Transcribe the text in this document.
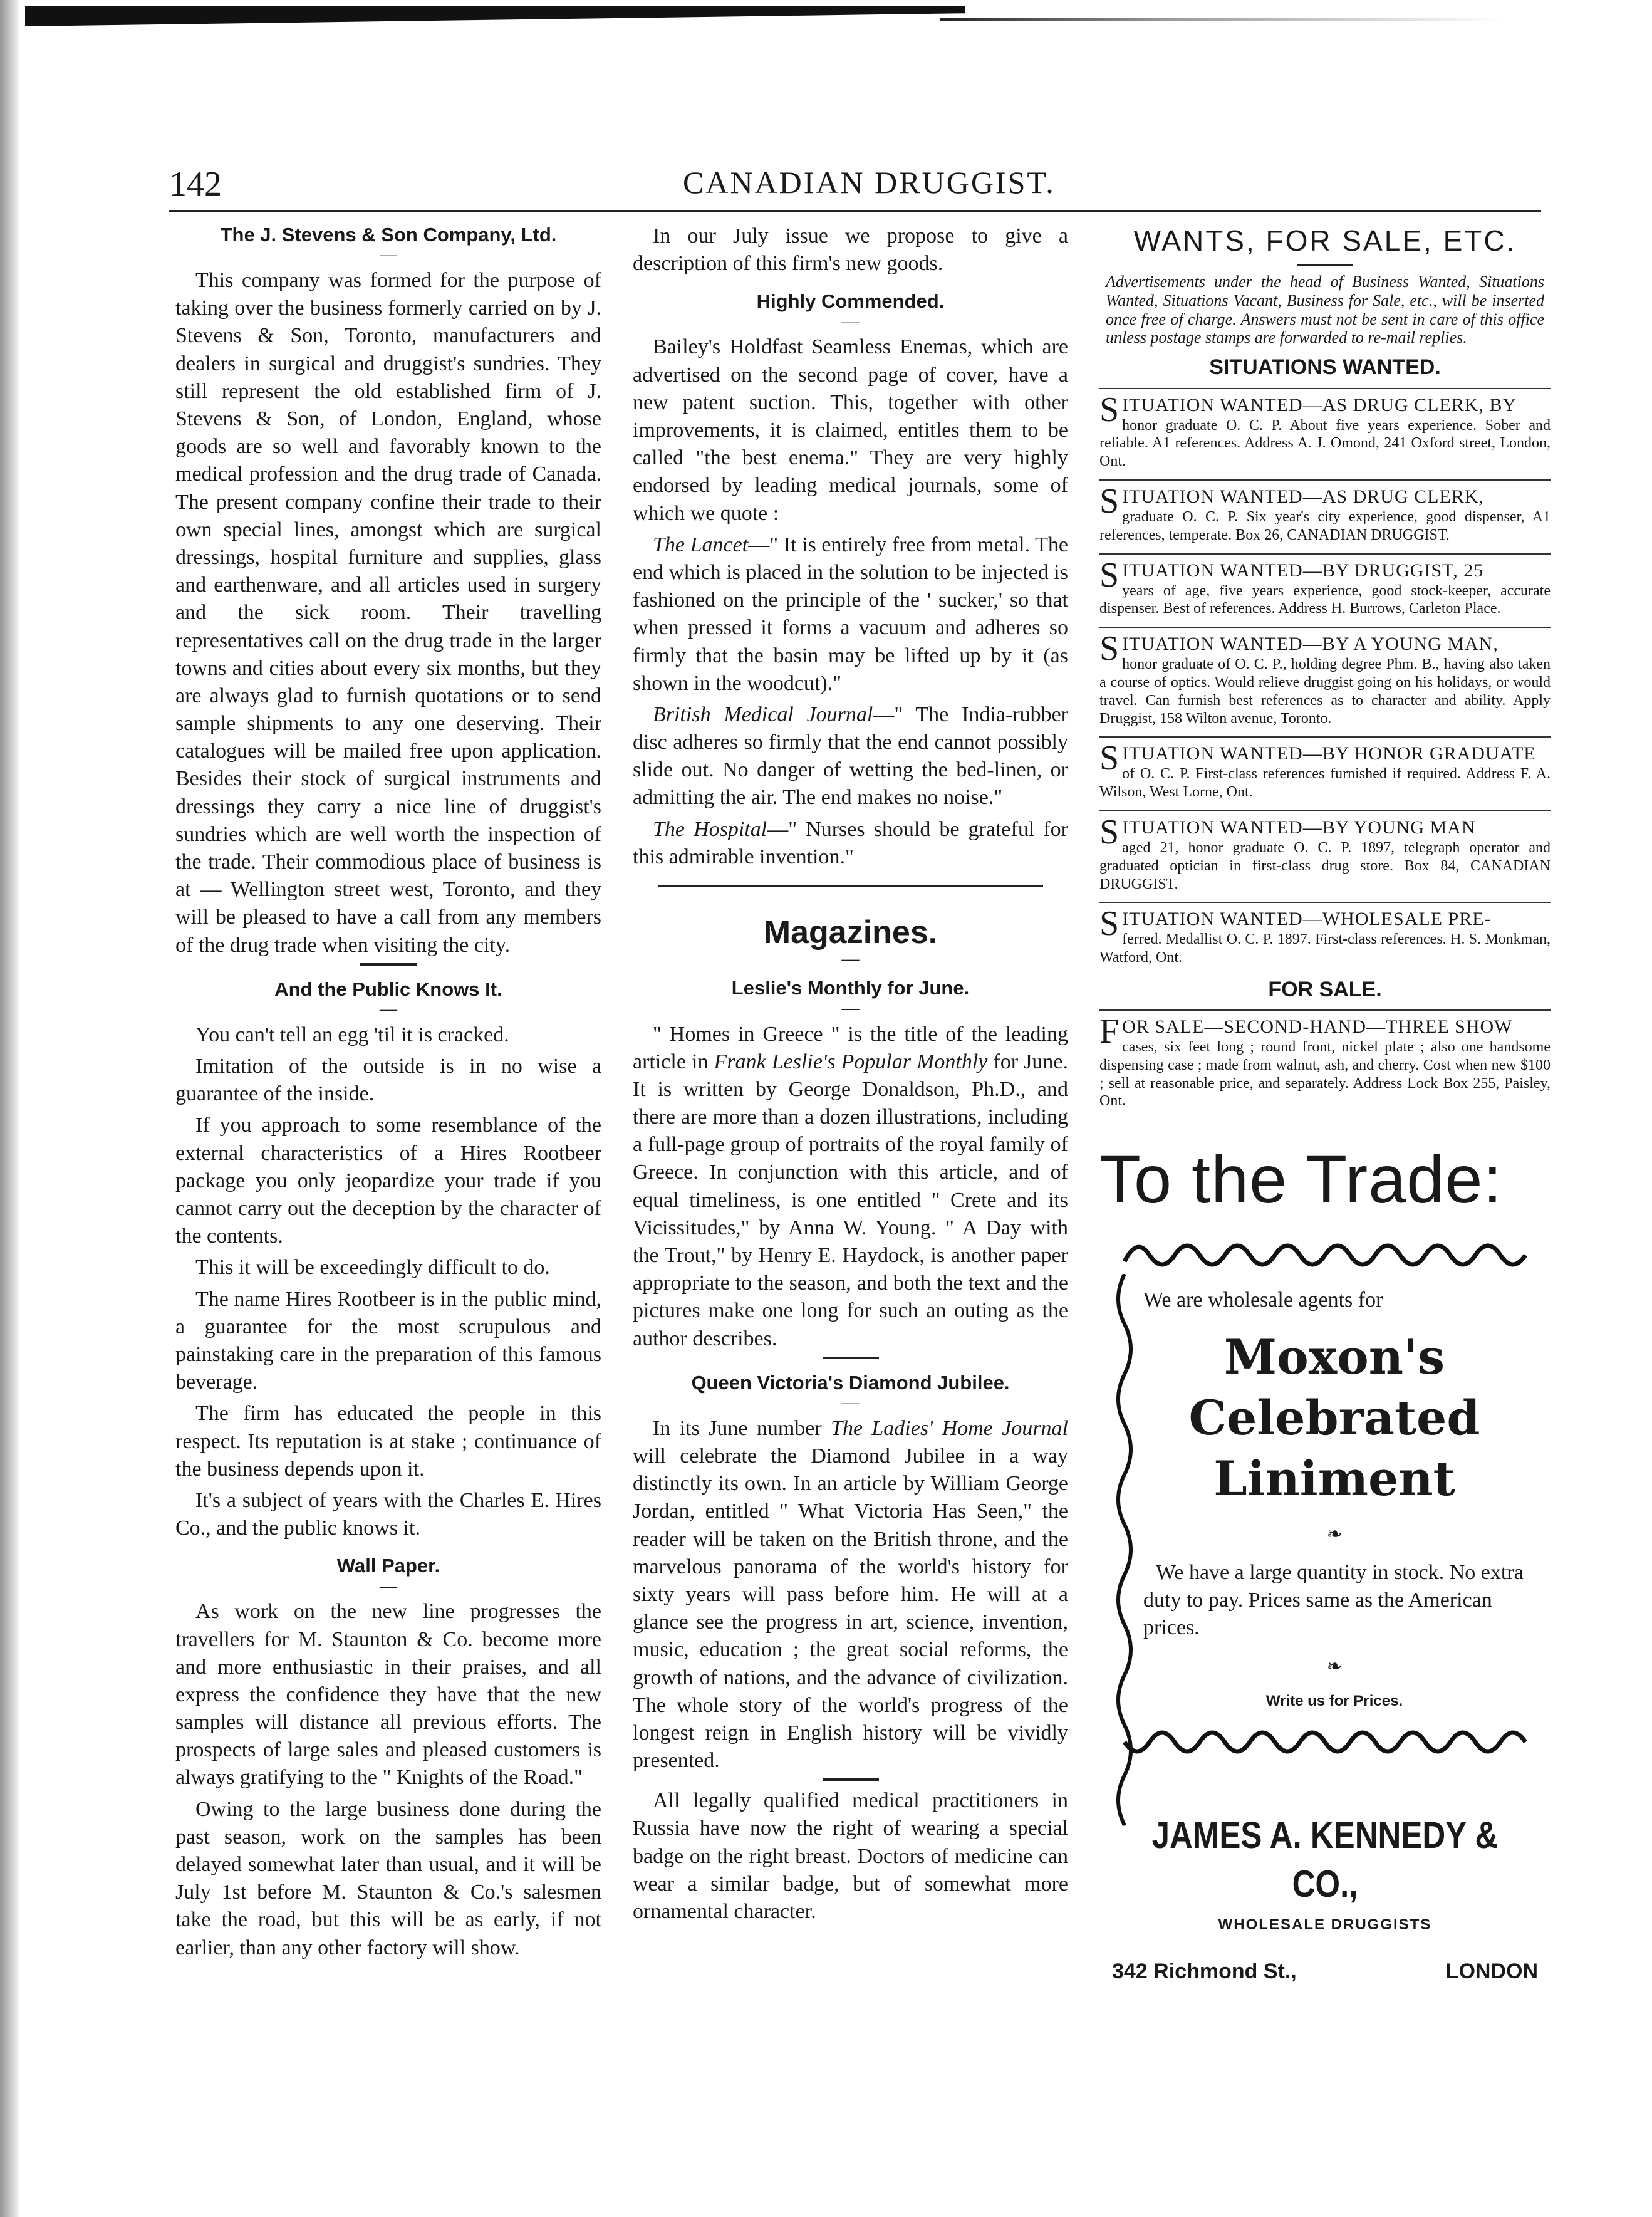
142	CANADIAN DRUGGIST.
The J. Stevens & Son Company, Ltd.
—

This company was formed for the purpose of taking over the business formerly carried on by J. Stevens & Son, Toronto, manufacturers and dealers in surgical and druggist's sundries. They still represent the old established firm of J. Stevens & Son, of London, England, whose goods are so well and favorably known to the medical profession and the drug trade of Canada. The present company confine their trade to their own special lines, amongst which are surgical dressings, hospital furniture and supplies, glass and earthenware, and all articles used in surgery and the sick room. Their travelling representatives call on the drug trade in the larger towns and cities about every six months, but they are always glad to furnish quotations or to send sample shipments to any one deserving. Their catalogues will be mailed free upon application. Besides their stock of surgical instruments and dressings they carry a nice line of druggist's sundries which are well worth the inspection of the trade. Their commodious place of business is at — Wellington street west, Toronto, and they will be pleased to have a call from any members of the drug trade when visiting the city.

And the Public Knows It.
—

You can't tell an egg 'til it is cracked.

Imitation of the outside is in no wise a guarantee of the inside.

If you approach to some resemblance of the external characteristics of a Hires Rootbeer package you only jeopardize your trade if you cannot carry out the deception by the character of the contents.

This it will be exceedingly difficult to do.

The name Hires Rootbeer is in the public mind, a guarantee for the most scrupulous and painstaking care in the preparation of this famous beverage.

The firm has educated the people in this respect. Its reputation is at stake ; continuance of the business depends upon it.

It's a subject of years with the Charles E. Hires Co., and the public knows it.

Wall Paper.
—

As work on the new line progresses the travellers for M. Staunton & Co. become more and more enthusiastic in their praises, and all express the confidence they have that the new samples will distance all previous efforts. The prospects of large sales and pleased customers is always gratifying to the " Knights of the Road."

Owing to the large business done during the past season, work on the samples has been delayed somewhat later than usual, and it will be July 1st before M. Staunton & Co.'s salesmen take the road, but this will be as early, if not earlier, than any other factory will show.

In our July issue we propose to give a description of this firm's new goods.

Highly Commended.
—

Bailey's Holdfast Seamless Enemas, which are advertised on the second page of cover, have a new patent suction. This, together with other improvements, it is claimed, entitles them to be called "the best enema." They are very highly endorsed by leading medical journals, some of which we quote :

The Lancet—" It is entirely free from metal. The end which is placed in the solution to be injected is fashioned on the principle of the ' sucker,' so that when pressed it forms a vacuum and adheres so firmly that the basin may be lifted up by it (as shown in the woodcut)."

British Medical Journal—" The India-rubber disc adheres so firmly that the end cannot possibly slide out. No danger of wetting the bed-linen, or admitting the air. The end makes no noise."

The Hospital—" Nurses should be grateful for this admirable invention."

Magazines.
—
Leslie's Monthly for June.
—

" Homes in Greece " is the title of the leading article in Frank Leslie's Popular Monthly for June. It is written by George Donaldson, Ph.D., and there are more than a dozen illustrations, including a full-page group of portraits of the royal family of Greece. In conjunction with this article, and of equal timeliness, is one entitled " Crete and its Vicissitudes," by Anna W. Young. " A Day with the Trout," by Henry E. Haydock, is another paper appropriate to the season, and both the text and the pictures make one long for such an outing as the author describes.

Queen Victoria's Diamond Jubilee.
—

In its June number The Ladies' Home Journal will celebrate the Diamond Jubilee in a way distinctly its own. In an article by William George Jordan, entitled " What Victoria Has Seen," the reader will be taken on the British throne, and the marvelous panorama of the world's history for sixty years will pass before him. He will at a glance see the progress in art, science, invention, music, education ; the great social reforms, the growth of nations, and the advance of civilization. The whole story of the world's progress of the longest reign in English history will be vividly presented.

All legally qualified medical practitioners in Russia have now the right of wearing a special badge on the right breast. Doctors of medicine can wear a similar badge, but of somewhat more ornamental character.

WANTS, FOR SALE, ETC.

Advertisements under the head of Business Wanted, Situations Wanted, Situations Vacant, Business for Sale, etc., will be inserted once free of charge. Answers must not be sent in care of this office unless postage stamps are forwarded to re-mail replies.

SITUATIONS WANTED.
SITUATION WANTED—AS DRUG CLERK, BY
honor graduate O. C. P. About five years experience. Sober and reliable. A1 references. Address A. J. Omond, 241 Oxford street, London, Ont.
SITUATION WANTED—AS DRUG CLERK,
graduate O. C. P. Six year's city experience, good dispenser, A1 references, temperate. Box 26, CANADIAN DRUGGIST.
SITUATION WANTED—BY DRUGGIST, 25
years of age, five years experience, good stock-keeper, accurate dispenser. Best of references. Address H. Burrows, Carleton Place.
SITUATION WANTED—BY A YOUNG MAN,
honor graduate of O. C. P., holding degree Phm. B., having also taken a course of optics. Would relieve druggist going on his holidays, or would travel. Can furnish best references as to character and ability. Apply Druggist, 158 Wilton avenue, Toronto.
SITUATION WANTED—BY HONOR GRADUATE
of O. C. P. First-class references furnished if required. Address F. A. Wilson, West Lorne, Ont.
SITUATION WANTED—BY YOUNG MAN
aged 21, honor graduate O. C. P. 1897, telegraph operator and graduated optician in first-class drug store. Box 84, CANADIAN DRUGGIST.
SITUATION WANTED—WHOLESALE PRE-
ferred. Medallist O. C. P. 1897. First-class references. H. S. Monkman, Watford, Ont.
FOR SALE.
FOR SALE—SECOND-HAND—THREE SHOW
cases, six feet long ; round front, nickel plate ; also one handsome dispensing case ; made from walnut, ash, and cherry. Cost when new $100 ; sell at reasonable price, and separately. Address Lock Box 255, Paisley, Ont.
To the Trade:

We are wholesale agents for

Moxon's
Celebrated
Liniment
❧

We have a large quantity in stock. No extra duty to pay. Prices same as the American prices.

❧
Write us for Prices.
JAMES A. KENNEDY & CO.,
WHOLESALE DRUGGISTS
342 Richmond St.,	LONDON
